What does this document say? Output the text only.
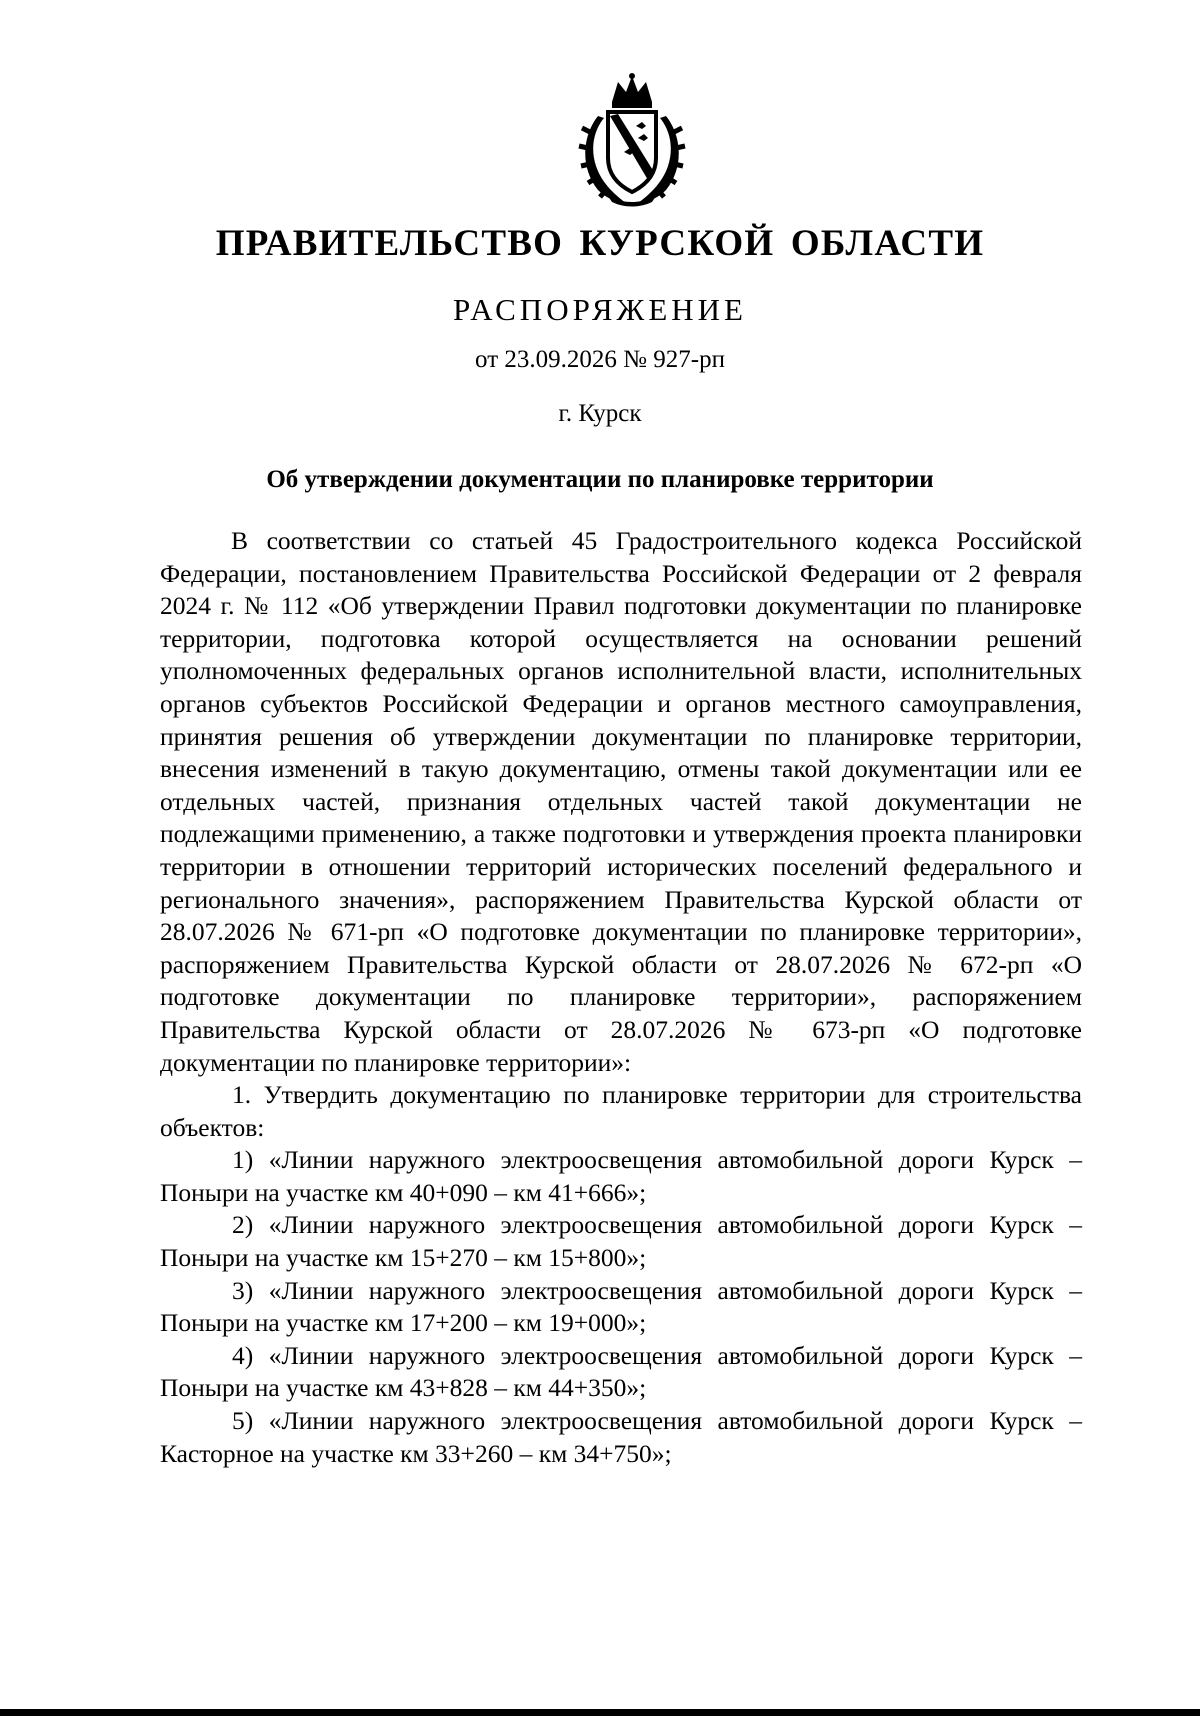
ПРАВИТЕЛЬСТВО КУРСКОЙ ОБЛАСТИ
РАСПОРЯЖЕНИЕ
от 23.09.2026 № 927-рп
г. Курск
Об утверждении документации по планировке территории

В соответствии со статьей 45 Градостроительного кодекса Российской Федерации, постановлением Правительства Российской Федерации от 2 февраля 2024 г. № 112 «Об утверждении Правил подготовки документации по планировке территории, подготовка которой осуществляется на основании решений уполномоченных федеральных органов исполнительной власти, исполнительных органов субъектов Российской Федерации и органов местного самоуправления, принятия решения об утверждении документации по планировке территории, внесения изменений в такую документацию, отмены такой документации или ее отдельных частей, признания отдельных частей такой документации не подлежащими применению, а также подготовки и утверждения проекта планировки территории в отношении территорий исторических поселений федерального и регионального значения», распоряжением Правительства Курской области от 28.07.2026 № 671-рп «О подготовке документации по планировке территории», распоряжением Правительства Курской области от 28.07.2026 № 672-рп «О подготовке документации по планировке территории», распоряжением Правительства Курской области от 28.07.2026 № 673-рп «О подготовке документации по планировке территории»:

1. Утвердить документацию по планировке территории для строительства объектов:

1) «Линии наружного электроосвещения автомобильной дороги Курск – Поныри на участке км 40+090 – км 41+666»;

2) «Линии наружного электроосвещения автомобильной дороги Курск – Поныри на участке км 15+270 – км 15+800»;

3) «Линии наружного электроосвещения автомобильной дороги Курск – Поныри на участке км 17+200 – км 19+000»;

4) «Линии наружного электроосвещения автомобильной дороги Курск – Поныри на участке км 43+828 – км 44+350»;

5) «Линии наружного электроосвещения автомобильной дороги Курск – Касторное на участке км 33+260 – км 34+750»;
